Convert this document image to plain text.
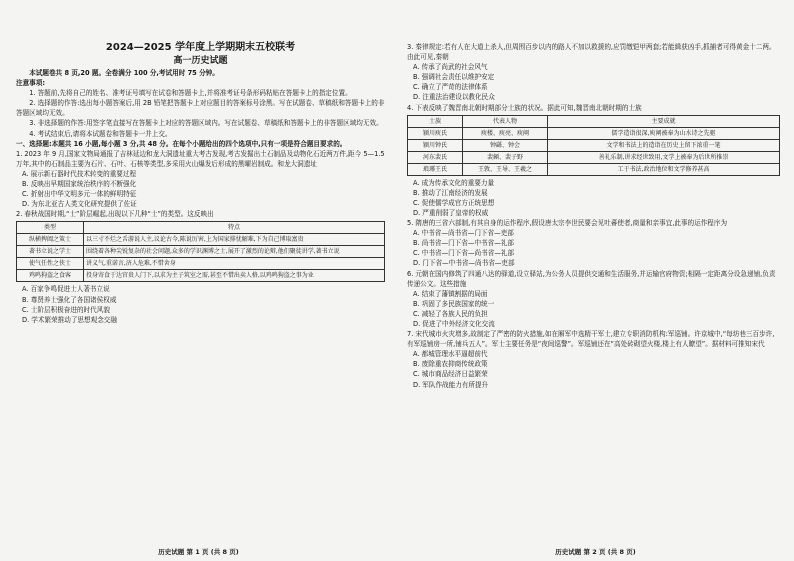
2024—2025 学年度上学期期末五校联考
高一历史试题

本试题卷共 8 页,20 题。全卷满分 100 分,考试用时 75 分钟。

注意事项:

1. 答题前,先将自己的姓名、准考证号填写在试卷和答题卡上,并将准考证号条形码粘贴在答题卡上的指定位置。

2. 选择题的作答:选出每小题答案后,用 2B 铅笔把答题卡上对应题目的答案标号涂黑。写在试题卷、草稿纸和答题卡上的非答题区域均无效。

3. 非选择题的作答:用签字笔直接写在答题卡上对应的答题区域内。写在试题卷、草稿纸和答题卡上的非答题区域均无效。

4. 考试结束后,请将本试题卷和答题卡一并上交。

一、选择题:本题共 16 小题,每小题 3 分,共 48 分。在每个小题给出的四个选项中,只有一项是符合题目要求的。

1. 2023 年 9 月,国家文物局通报了吉林延边和龙大洞遗址重大考古发现,考古发掘出土石制品及动物化石近两万件,距今 5—1.5 万年,其中的石制品主要为石片、石叶、石核等类型,多采用火山爆发后形成的黑曜岩制成。和龙大洞遗址

A. 展示新石器时代技术转变的重要过程

B. 反映出早期国家统治秩序的不断强化

C. 折射出中华文明多元一体的鲜明特征

D. 为东北亚古人类文化研究提供了佐证

2. 春秋战国时期,“士”阶层崛起,出现以下几种“士”的类型。这反映出

类型	特点
纵横捭阖之策士	以三寸不烂之舌游说人主,议论古今,陈说厉害,上为国家排忧解难,下为自己博取富贵
著书立说之学士	围绕着各种尖锐复杂的社会问题,众多的学识渊博之士,展开了激烈的论辩,他们聚徒讲学,著书立说
使气任性之侠士	讲义气,重诺言,济人危难,不惜舍身
鸡鸣狗盗之食客	投身寄食于达官贵人门下,以求为主子筑室之需,甚至不惜出卖人格,以鸡鸣狗盗之事为业

A. 百家争鸣促进士人著书立说

B. 尊贤养士强化了各国诸侯权威

C. 士阶层积极奋进的时代风貌

D. 学术繁荣推动了思想观念交融

历史试题 第 1 页 (共 8 页)

3. 秦律规定:若有人在大道上杀人,但周围百步以内的路人不加以救援的,应罚缴铠甲两套;若能緝获凶手,抓捕者可得黄金十二两。由此可见,秦朝

A. 传承了尚武的社会风气

B. 强调社会责任以维护安定

C. 确立了严苛的法律体系

D. 注重法治建设以教化民众

4. 下表反映了魏晋南北朝时期部分士族的状况。据此可知,魏晋南北朝时期的士族

士族	代表人物	主要成就
颍川庾氏	庾楼、庾亮、庾阐	儒学造诣很深,庾阐被奉为山水诗之先驱
颍川钟氏	钟繇、钟会	文学和书法上的造诣在历史上留下浓重一笔
河东裴氏	裴頠、裴子野	善礼乐制,讲求经世致用,文学上被奉为后世所推崇
琅琊王氏	王敦、王导、王羲之	工于书法,政治地位和文学修养甚高

A. 成为传承文化的重要力量

B. 推动了江南经济的发展

C. 促使儒学成官方正统思想

D. 严重削弱了皇帝的权威

5. 隋唐的三省六部制,有其自身的运作程序,假设唐太宗李世民要会见吐蕃使者,商量和亲事宜,此事的运作程序为

A. 中书省—尚书省—门下省—吏部

B. 尚书省—门下省—中书省—礼部

C. 中书省—门下省—尚书省—礼部

D. 门下省—中书省—尚书省—吏部

6. 元朝在国内修筑了四通八达的驿道,设立驿站,为公务人员提供交通和生活服务,并运输官府物资;相隔一定距离分设急递铺,负责传递公文。这些措施

A. 结束了藩镇割据的局面

B. 巩固了多民族国家的统一

C. 减轻了各族人民的负担

D. 促进了中外经济文化交流

7. 宋代城市火灾增多,故制定了严密的防火措施,如在厢军中选精干军士,建立专职消防机构:军巡铺。许京城中,“每坊巷三百步许,有军巡铺房一所,铺兵五人”。军士主要任务是“夜间巡警”。军巡铺还在“高处砖砌望火楼,楼上有人瞭望”。据材料可推知宋代

A. 都城管理水平逼超前代

B. 废除重农抑商传统政策

C. 城市商品经济日益繁荣

D. 军队作战能力有所提升

历史试题 第 2 页 (共 8 页)
